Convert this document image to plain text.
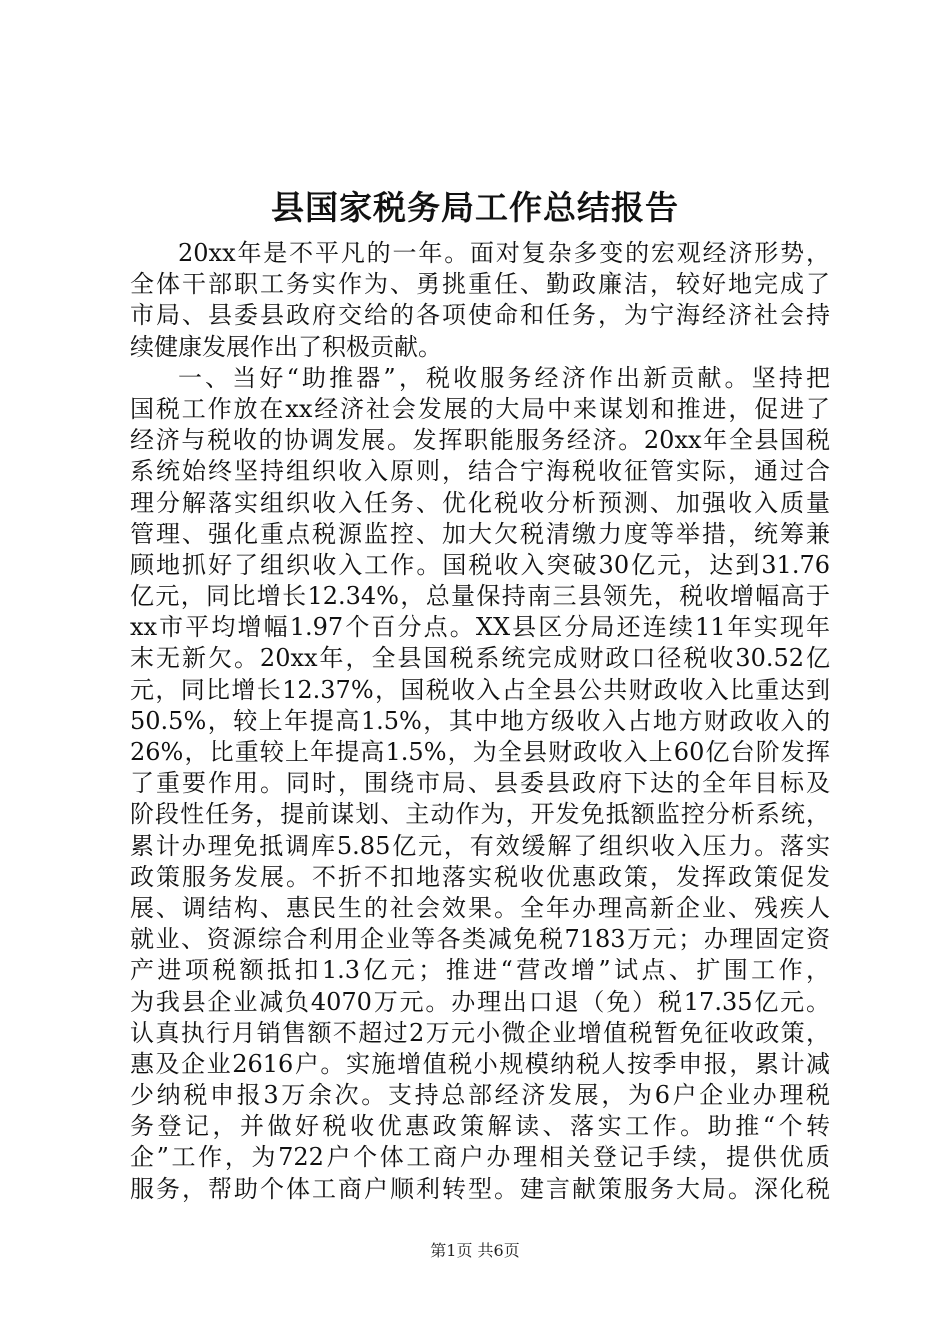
县国家税务局工作总结报告
20xx年是不平凡的一年。面对复杂多变的宏观经济形势，
全体干部职工务实作为、勇挑重任、勤政廉洁，较好地完成了
市局、县委县政府交给的各项使命和任务，为宁海经济社会持
续健康发展作出了积极贡献。
一、当好“助推器”，税收服务经济作出新贡献。坚持把
国税工作放在xx经济社会发展的大局中来谋划和推进，促进了
经济与税收的协调发展。发挥职能服务经济。20xx年全县国税
系统始终坚持组织收入原则，结合宁海税收征管实际，通过合
理分解落实组织收入任务、优化税收分析预测、加强收入质量
管理、强化重点税源监控、加大欠税清缴力度等举措，统筹兼
顾地抓好了组织收入工作。国税收入突破30亿元，达到31.76
亿元，同比增长12.34%，总量保持南三县领先，税收增幅高于
xx市平均增幅1.97个百分点。XX县区分局还连续11年实现年
末无新欠。20xx年，全县国税系统完成财政口径税收30.52亿
元，同比增长12.37%，国税收入占全县公共财政收入比重达到
50.5%，较上年提高1.5%，其中地方级收入占地方财政收入的
26%，比重较上年提高1.5%，为全县财政收入上60亿台阶发挥
了重要作用。同时，围绕市局、县委县政府下达的全年目标及
阶段性任务，提前谋划、主动作为，开发免抵额监控分析系统，
累计办理免抵调库5.85亿元，有效缓解了组织收入压力。落实
政策服务发展。不折不扣地落实税收优惠政策，发挥政策促发
展、调结构、惠民生的社会效果。全年办理高新企业、残疾人
就业、资源综合利用企业等各类减免税7183万元；办理固定资
产进项税额抵扣1.3亿元；推进“营改增”试点、扩围工作，
为我县企业减负4070万元。办理出口退（免）税17.35亿元。
认真执行月销售额不超过2万元小微企业增值税暂免征收政策，
惠及企业2616户。实施增值税小规模纳税人按季申报，累计减
少纳税申报3万余次。支持总部经济发展，为6户企业办理税
务登记，并做好税收优惠政策解读、落实工作。助推“个转
企”工作，为722户个体工商户办理相关登记手续，提供优质
服务，帮助个体工商户顺利转型。建言献策服务大局。深化税
第1页 共6页
